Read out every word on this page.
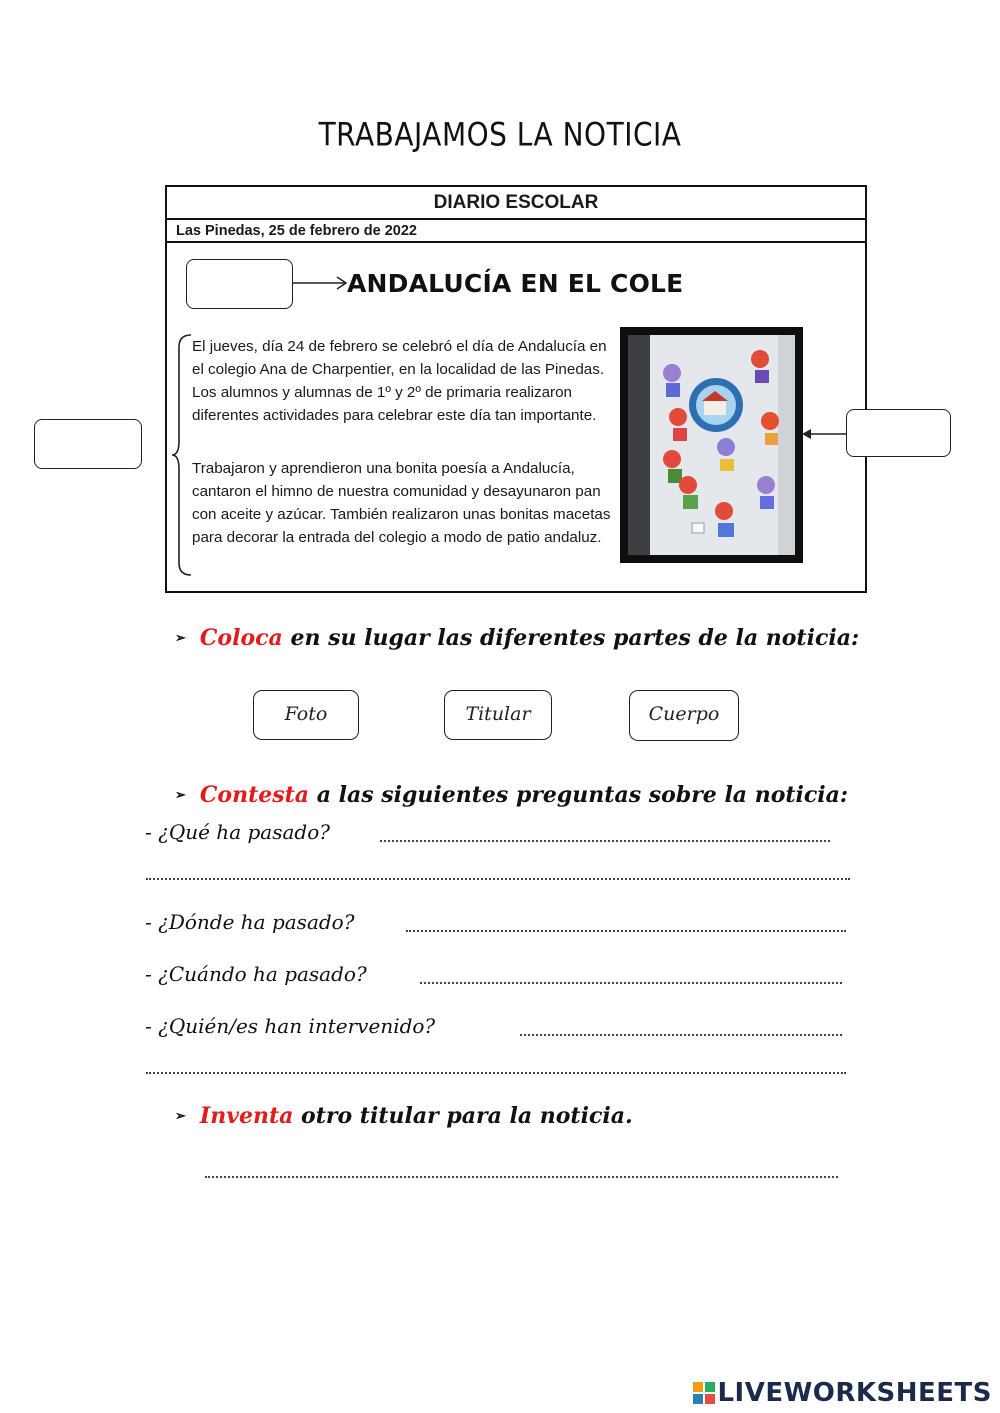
TRABAJAMOS LA NOTICIA
DIARIO ESCOLAR
Las Pinedas, 25 de febrero de 2022
ANDALUCÍA EN EL COLE
El jueves, día 24 de febrero se celebró el día de Andalucía en el colegio Ana de Charpentier, en la localidad de las Pinedas. Los alumnos y alumnas de 1º y 2º de primaria realizaron diferentes actividades para celebrar este día tan importante.
Trabajaron y aprendieron una bonita poesía a Andalucía, cantaron el himno de nuestra comunidad y desayunaron pan con aceite y azúcar. También realizaron unas bonitas macetas para decorar la entrada del colegio a modo de patio andaluz.
➢ Coloca en su lugar las diferentes partes de la noticia:
Foto	Titular	Cuerpo
➢ Contesta a las siguientes preguntas sobre la noticia:
- ¿Qué ha pasado?
- ¿Dónde ha pasado?
- ¿Cuándo ha pasado?
- ¿Quién/es han intervenido?
➢ Inventa otro titular para la noticia.
LIVEWORKSHEETS
